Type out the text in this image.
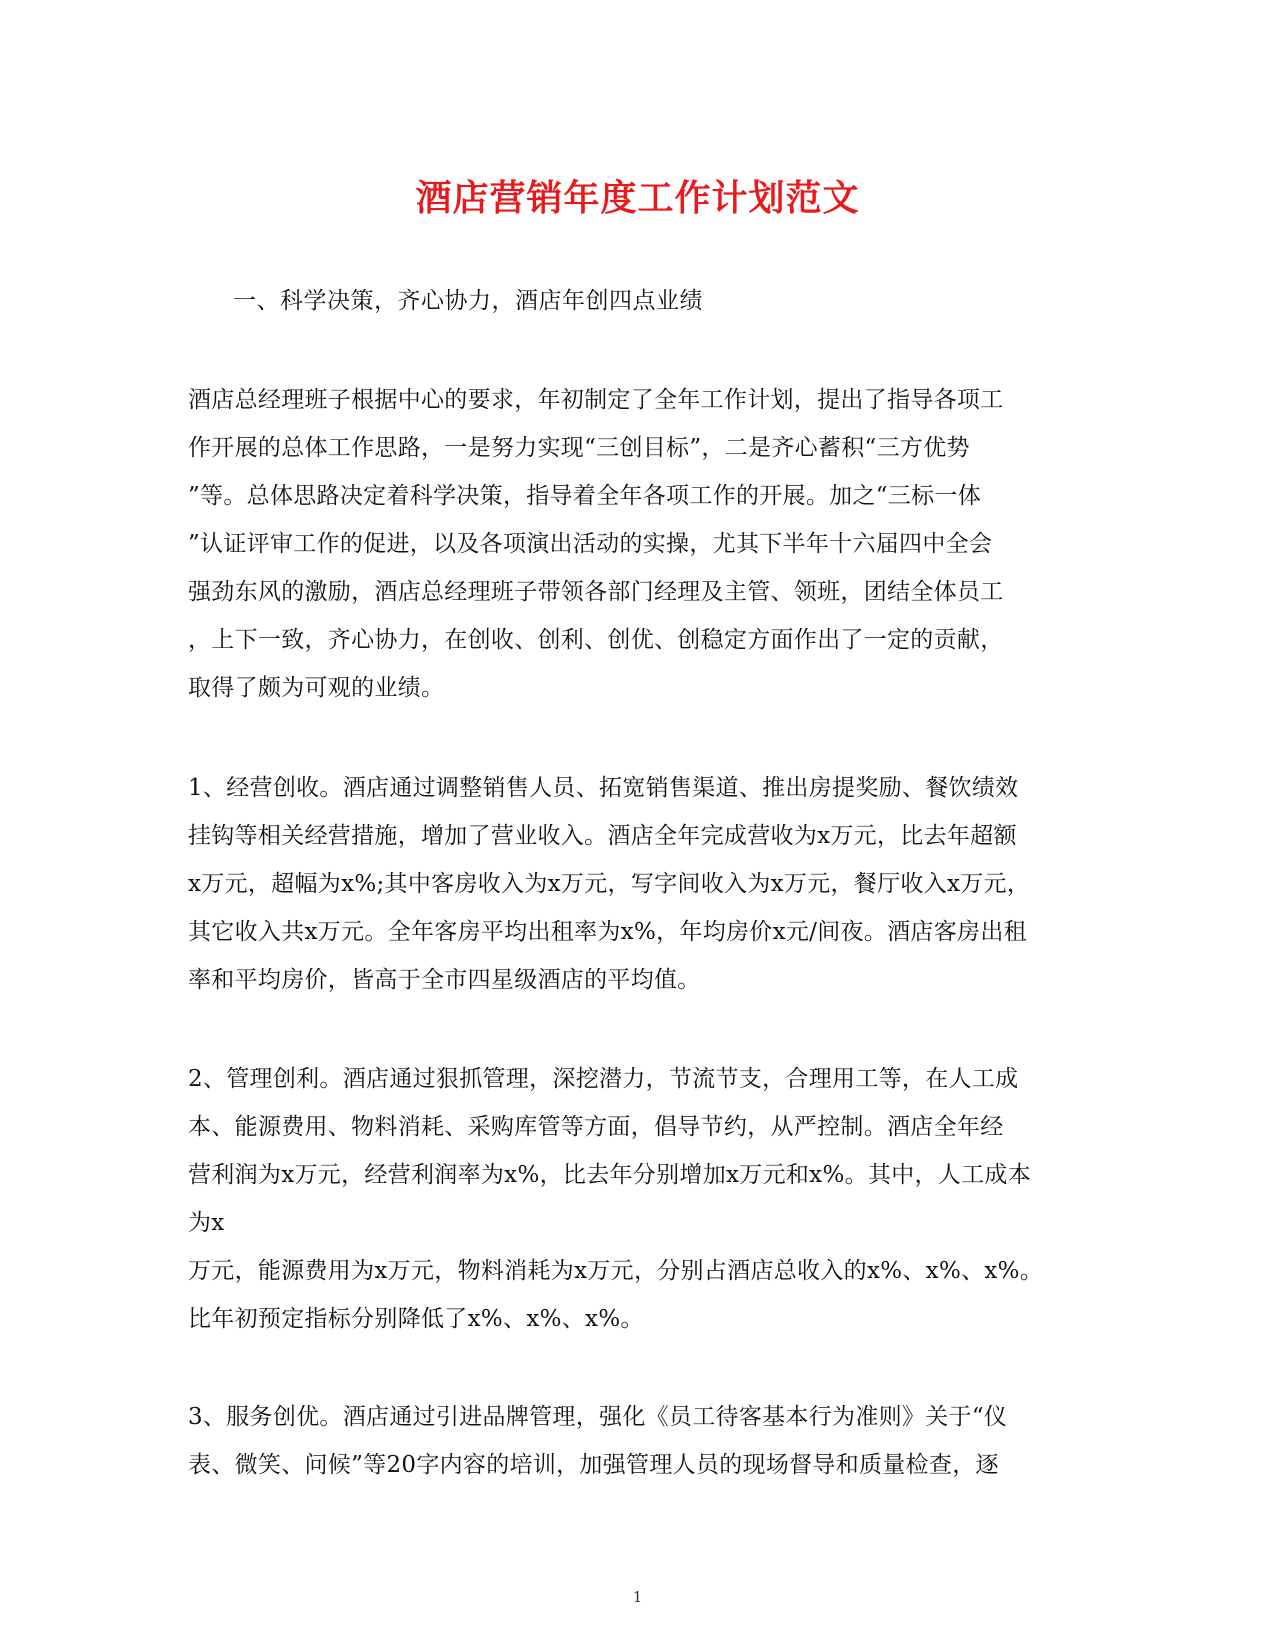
酒店营销年度工作计划范文
一、科学决策，齐心协力，酒店年创四点业绩
酒店总经理班子根据中心的要求，年初制定了全年工作计划，提出了指导各项工
作开展的总体工作思路，一是努力实现“三创目标”，二是齐心蓄积“三方优势
”等。总体思路决定着科学决策，指导着全年各项工作的开展。加之“三标一体
”认证评审工作的促进，以及各项演出活动的实操，尤其下半年十六届四中全会
强劲东风的激励，酒店总经理班子带领各部门经理及主管、领班，团结全体员工
，上下一致，齐心协力，在创收、创利、创优、创稳定方面作出了一定的贡献，
取得了颇为可观的业绩。
1、经营创收。酒店通过调整销售人员、拓宽销售渠道、推出房提奖励、餐饮绩效
挂钩等相关经营措施，增加了营业收入。酒店全年完成营收为x万元，比去年超额
x万元，超幅为x%;其中客房收入为x万元，写字间收入为x万元，餐厅收入x万元，
其它收入共x万元。全年客房平均出租率为x%，年均房价x元/间夜。酒店客房出租
率和平均房价，皆高于全市四星级酒店的平均值。
2、管理创利。酒店通过狠抓管理，深挖潜力，节流节支，合理用工等，在人工成
本、能源费用、物料消耗、采购库管等方面，倡导节约，从严控制。酒店全年经
营利润为x万元，经营利润率为x%，比去年分别增加x万元和x%。其中，人工成本
为x
万元，能源费用为x万元，物料消耗为x万元，分别占酒店总收入的x%、x%、x%。
比年初预定指标分别降低了x%、x%、x%。
3、服务创优。酒店通过引进品牌管理，强化《员工待客基本行为准则》关于“仪
表、微笑、问候”等20字内容的培训，加强管理人员的现场督导和质量检查，逐
1
